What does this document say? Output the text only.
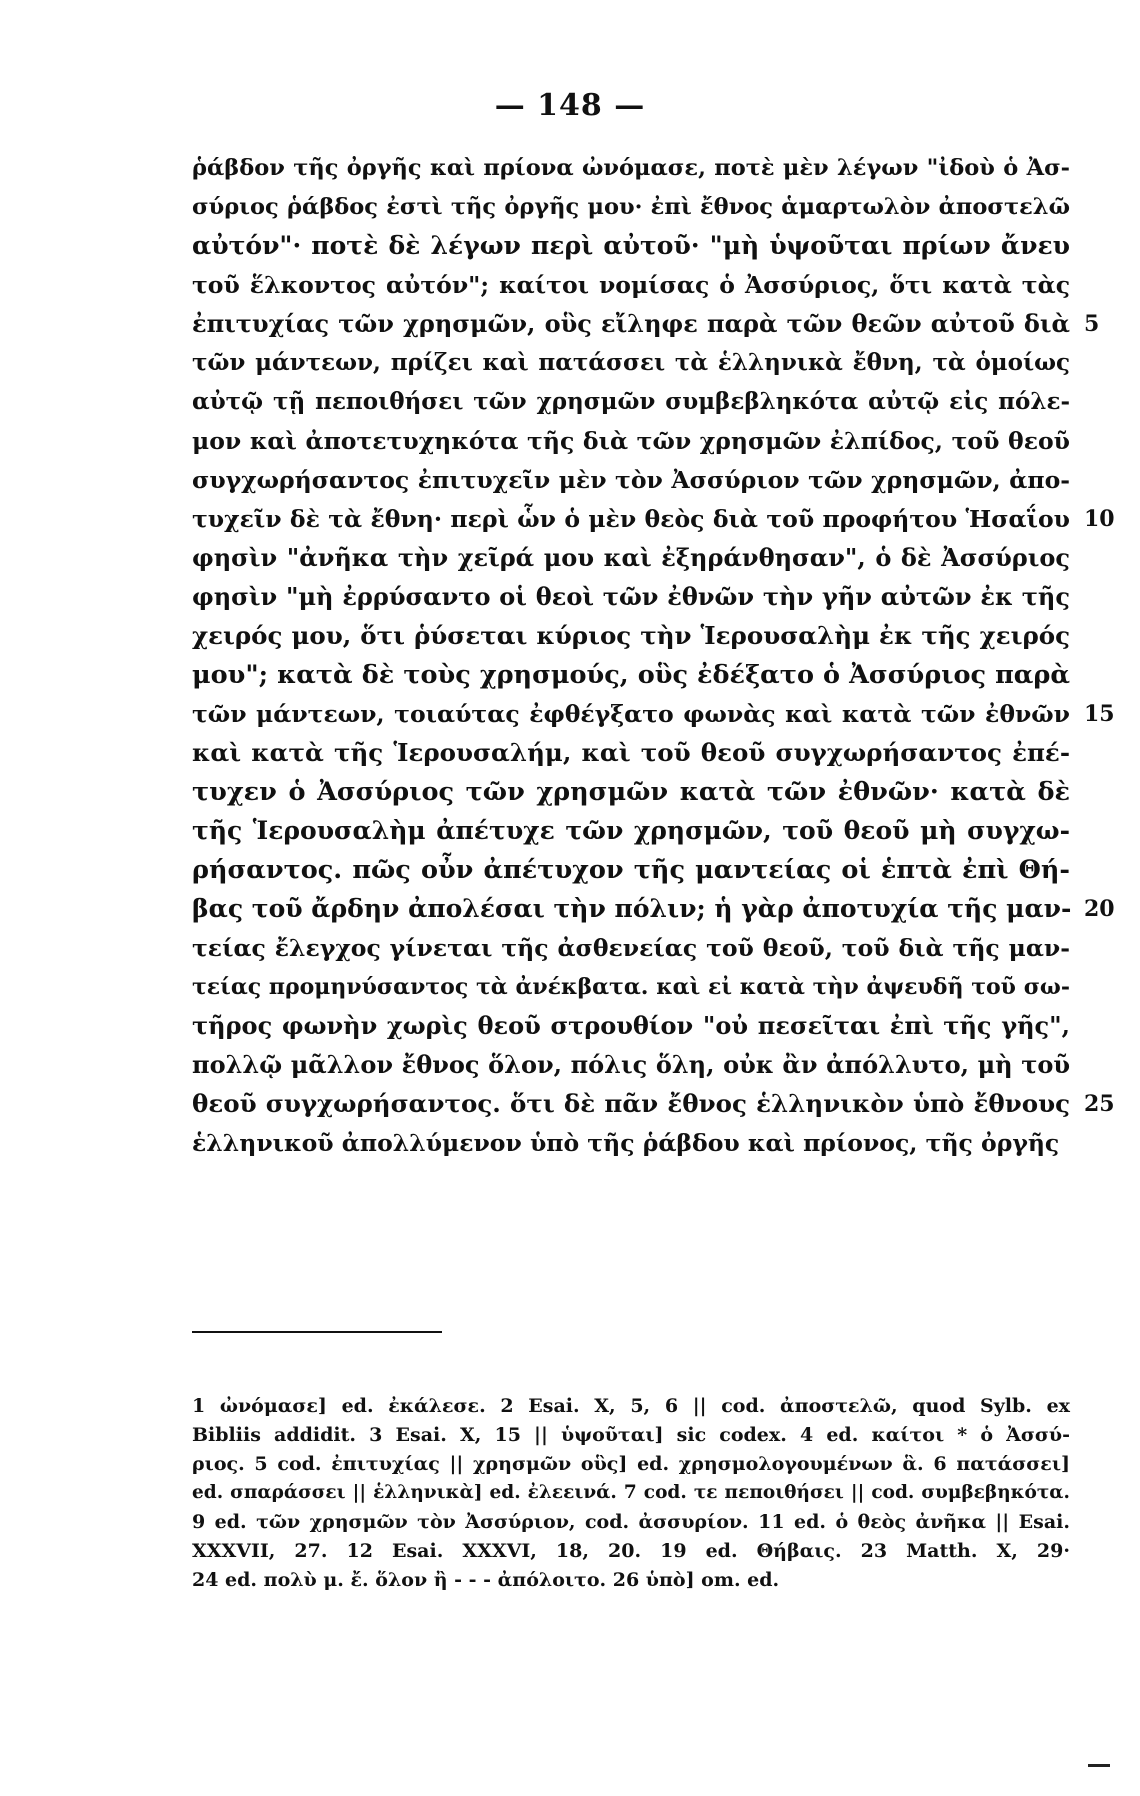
— 148 —
ῥάβδον τῆς ὀργῆς καὶ πρίονα ὠνόμασε, ποτὲ μὲν λέγων "ἰδοὺ ὁ Ἀσ-
σύριος ῥάβδος ἐστὶ τῆς ὀργῆς μου· ἐπὶ ἔθνος ἁμαρτωλὸν ἀποστελῶ
αὐτόν"· ποτὲ δὲ λέγων περὶ αὐτοῦ· "μὴ ὑψοῦται πρίων ἄνευ
τοῦ ἕλκοντος αὐτόν"; καίτοι νομίσας ὁ Ἀσσύριος, ὅτι κατὰ τὰς
ἐπιτυχίας τῶν χρησμῶν, οὓς εἴληφε παρὰ τῶν θεῶν αὐτοῦ διὰ 5
τῶν μάντεων, πρίζει καὶ πατάσσει τὰ ἑλληνικὰ ἔθνη, τὰ ὁμοίως
αὐτῷ τῇ πεποιθήσει τῶν χρησμῶν συμβεβληκότα αὐτῷ εἰς πόλε-
μον καὶ ἀποτετυχηκότα τῆς διὰ τῶν χρησμῶν ἐλπίδος, τοῦ θεοῦ
συγχωρήσαντος ἐπιτυχεῖν μὲν τὸν Ἀσσύριον τῶν χρησμῶν, ἀπο-
τυχεῖν δὲ τὰ ἔθνη· περὶ ὧν ὁ μὲν θεὸς διὰ τοῦ προφήτου Ἡσαΐου 10
φησὶν "ἀνῆκα τὴν χεῖρά μου καὶ ἐξηράνθησαν", ὁ δὲ Ἀσσύριος
φησὶν "μὴ ἐρρύσαντο οἱ θεοὶ τῶν ἐθνῶν τὴν γῆν αὐτῶν ἐκ τῆς
χειρός μου, ὅτι ῥύσεται κύριος τὴν Ἱερουσαλὴμ ἐκ τῆς χειρός
μου"; κατὰ δὲ τοὺς χρησμούς, οὓς ἐδέξατο ὁ Ἀσσύριος παρὰ
τῶν μάντεων, τοιαύτας ἐφθέγξατο φωνὰς καὶ κατὰ τῶν ἐθνῶν 15
καὶ κατὰ τῆς Ἱερουσαλήμ, καὶ τοῦ θεοῦ συγχωρήσαντος ἐπέ-
τυχεν ὁ Ἀσσύριος τῶν χρησμῶν κατὰ τῶν ἐθνῶν· κατὰ δὲ
τῆς Ἱερουσαλὴμ ἀπέτυχε τῶν χρησμῶν, τοῦ θεοῦ μὴ συγχω-
ρήσαντος. πῶς οὖν ἀπέτυχον τῆς μαντείας οἱ ἑπτὰ ἐπὶ Θή-
βας τοῦ ἄρδην ἀπολέσαι τὴν πόλιν; ἡ γὰρ ἀποτυχία τῆς μαν- 20
τείας ἔλεγχος γίνεται τῆς ἀσθενείας τοῦ θεοῦ, τοῦ διὰ τῆς μαν-
τείας προμηνύσαντος τὰ ἀνέκβατα. καὶ εἰ κατὰ τὴν ἀψευδῆ τοῦ σω-
τῆρος φωνὴν χωρὶς θεοῦ στρουθίον "οὐ πεσεῖται ἐπὶ τῆς γῆς",
πολλῷ μᾶλλον ἔθνος ὅλον, πόλις ὅλη, οὐκ ἂν ἀπόλλυτο, μὴ τοῦ
θεοῦ συγχωρήσαντος. ὅτι δὲ πᾶν ἔθνος ἑλληνικὸν ὑπὸ ἔθνους 25
ἑλληνικοῦ ἀπολλύμενον ὑπὸ τῆς ῥάβδου καὶ πρίονος, τῆς ὀργῆς
1 ὠνόμασε] ed. ἐκάλεσε. 2 Esai. X, 5, 6 || cod. ἀποστελῶ, quod Sylb. ex
Bibliis addidit. 3 Esai. X, 15 || ὑψοῦται] sic codex. 4 ed. καίτοι * ὁ Ἀσσύ-
ριος. 5 cod. ἐπιτυχίας || χρησμῶν οὓς] ed. χρησμολογουμένων ἃ. 6 πατάσσει]
ed. σπαράσσει || ἑλληνικὰ] ed. ἐλεεινά. 7 cod. τε πεποιθήσει || cod. συμβεβηκότα.
9 ed. τῶν χρησμῶν τὸν Ἀσσύριον, cod. ἀσσυρίον. 11 ed. ὁ θεὸς ἀνῆκα || Esai.
XXXVII, 27. 12 Esai. XXXVI, 18, 20. 19 ed. Θήβαις. 23 Matth. X, 29·
24 ed. πολὺ μ. ἔ. ὅλον ἢ - - - ἀπόλοιτο. 26 ὑπὸ] om. ed.
